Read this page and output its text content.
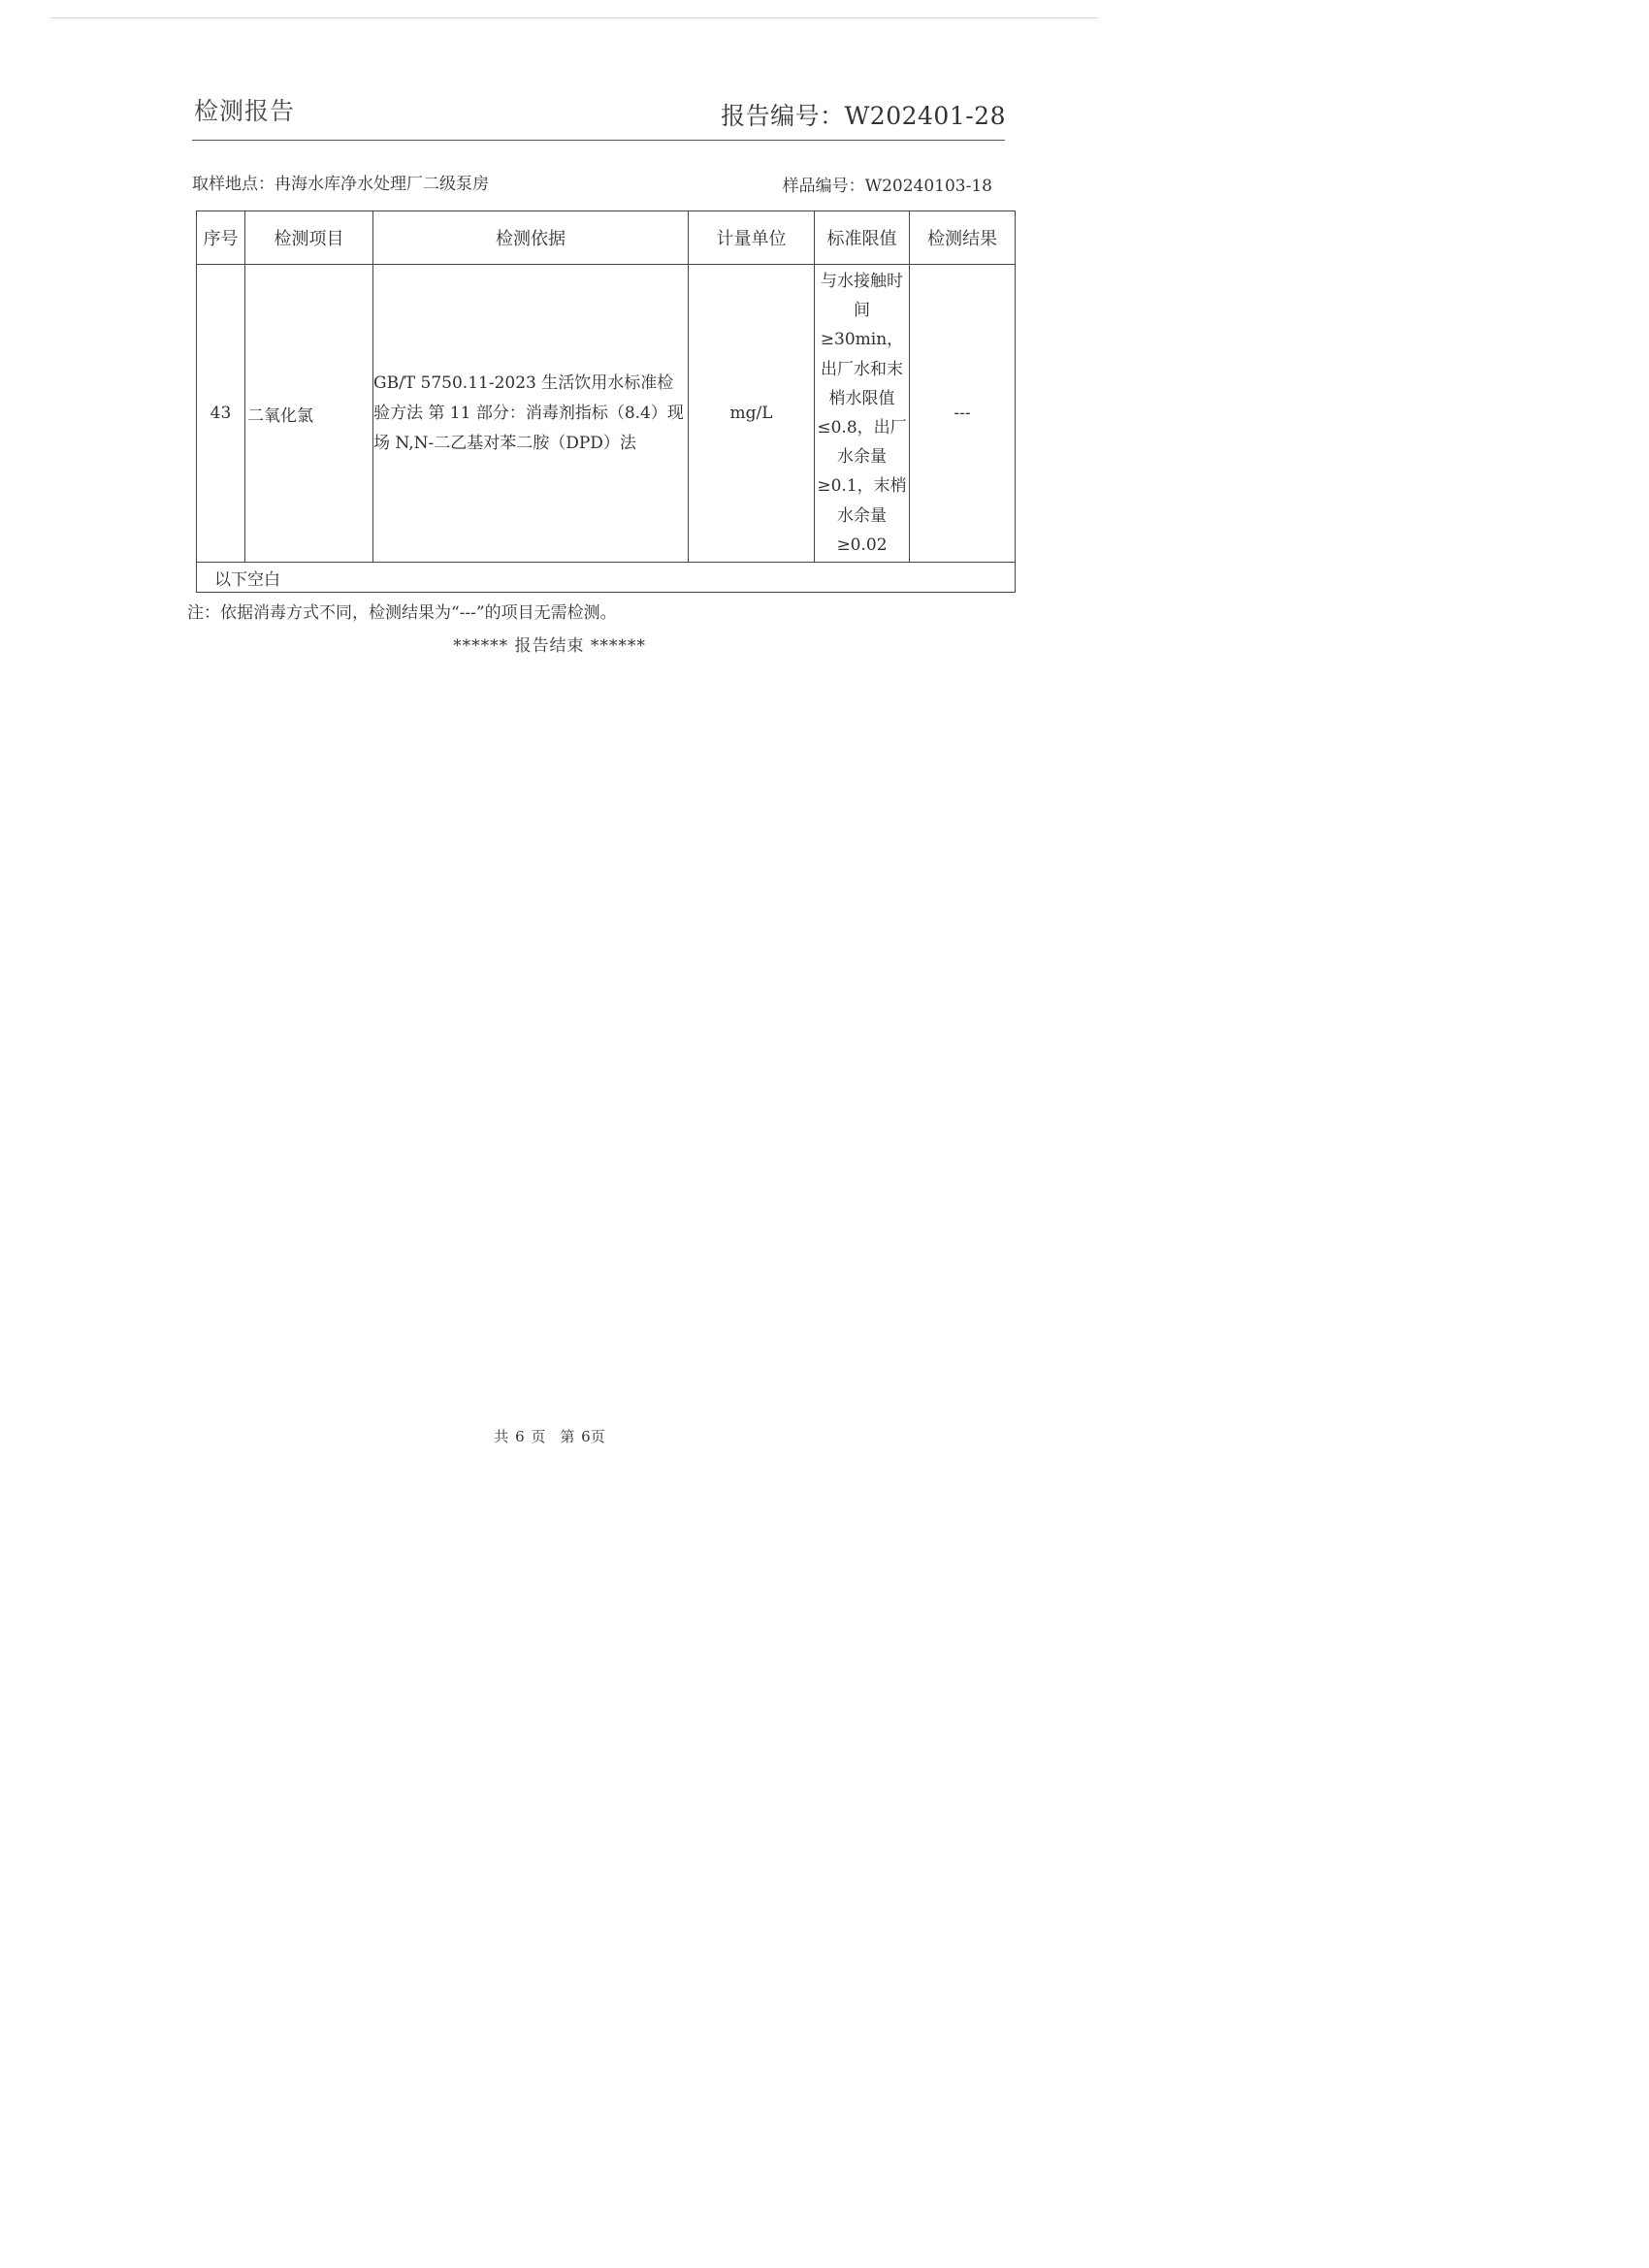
检测报告	报告编号：W202401-28
取样地点：冉海水库净水处理厂二级泵房	样品编号：W20240103-18
序号	检测项目	检测依据	计量单位	标准限值	检测结果
43	二氧化氯	GB/T 5750.11-2023 生活饮用水标准检验方法 第 11 部分：消毒剂指标（8.4）现场 N,N-二乙基对苯二胺（DPD）法	mg/L	与水接触时间≥30min，出厂水和末梢水限值≤0.8，出厂水余量≥0.1，末梢水余量≥0.02	---
以下空白					
注：依据消毒方式不同，检测结果为“---”的项目无需检测。
****** 报告结束 ******
共 6 页　第 6页
